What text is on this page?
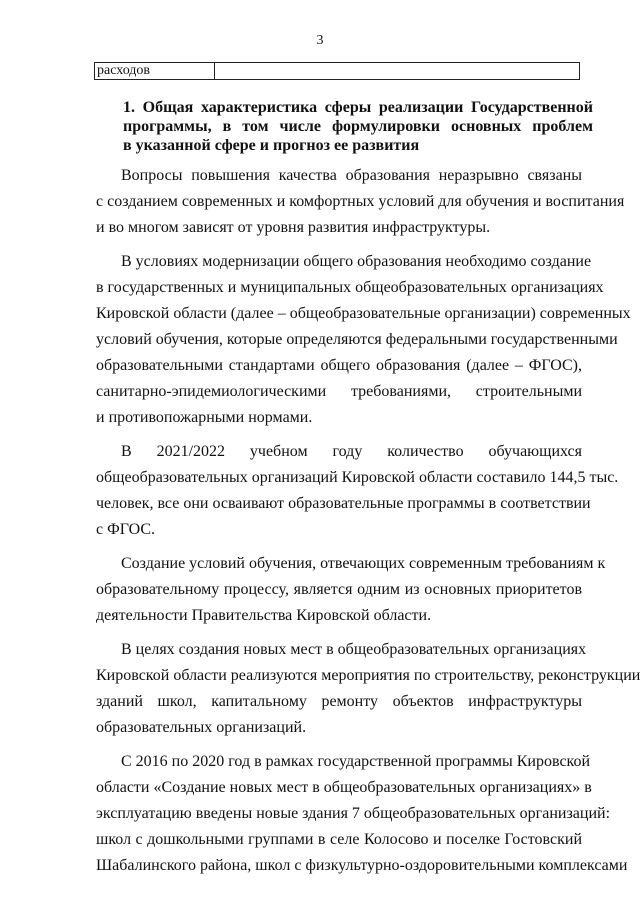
3
расходов
1. Общая характеристика сферы реализации Государственной
программы, в том числе формулировки основных проблем
в указанной сфере и прогноз ее развития
Вопросы повышения качества образования неразрывно связаны
с созданием современных и комфортных условий для обучения и воспитания
и во многом зависят от уровня развития инфраструктуры.
В условиях модернизации общего образования необходимо создание
в государственных и муниципальных общеобразовательных организациях
Кировской области (далее – общеобразовательные организации) современных
условий обучения, которые определяются федеральными государственными
образовательными стандартами общего образования (далее – ФГОС),
санитарно-эпидемиологическими требованиями, строительными
и противопожарными нормами.
В 2021/2022 учебном году количество обучающихся
общеобразовательных организаций Кировской области составило 144,5 тыс.
человек, все они осваивают образовательные программы в соответствии
с ФГОС.
Создание условий обучения, отвечающих современным требованиям к
образовательному процессу, является одним из основных приоритетов
деятельности Правительства Кировской области.
В целях создания новых мест в общеобразовательных организациях
Кировской области реализуются мероприятия по строительству, реконструкции
зданий школ, капитальному ремонту объектов инфраструктуры
образовательных организаций.
С 2016 по 2020 год в рамках государственной программы Кировской
области «Создание новых мест в общеобразовательных организациях» в
эксплуатацию введены новые здания 7 общеобразовательных организаций:
школ с дошкольными группами в селе Колосово и поселке Гостовский
Шабалинского района, школ с физкультурно-оздоровительными комплексами
